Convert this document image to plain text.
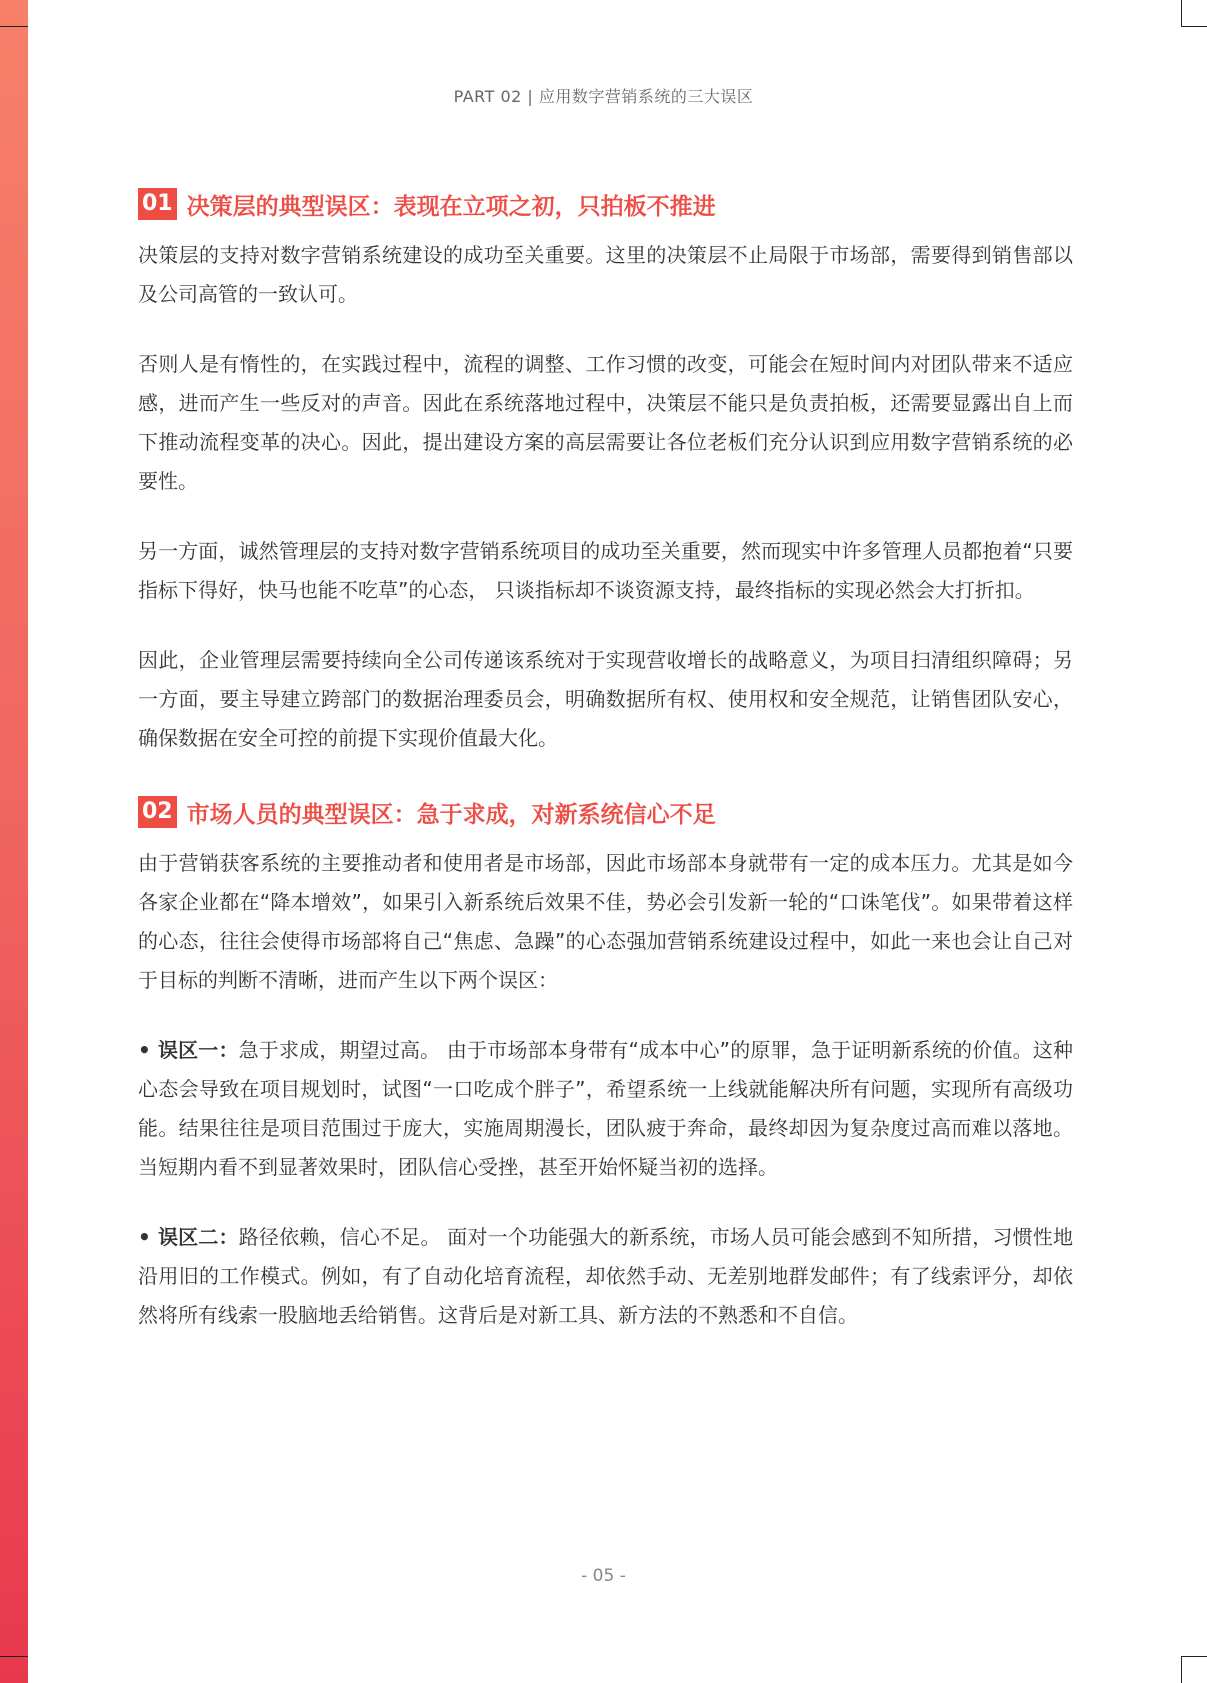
PART 02 | 应用数字营销系统的三大误区
01 决策层的典型误区：表现在立项之初，只拍板不推进

决策层的支持对数字营销系统建设的成功至关重要。这里的决策层不止局限于市场部，需要得到销售部以及公司高管的一致认可。

否则人是有惰性的，在实践过程中，流程的调整、工作习惯的改变，可能会在短时间内对团队带来不适应感，进而产生一些反对的声音。因此在系统落地过程中，决策层不能只是负责拍板，还需要显露出自上而下推动流程变革的决心。因此，提出建设方案的高层需要让各位老板们充分认识到应用数字营销系统的必要性。

另一方面，诚然管理层的支持对数字营销系统项目的成功至关重要，然而现实中许多管理人员都抱着“只要指标下得好，快马也能不吃草”的心态， 只谈指标却不谈资源支持，最终指标的实现必然会大打折扣。

因此，企业管理层需要持续向全公司传递该系统对于实现营收增长的战略意义，为项目扫清组织障碍；另一方面，要主导建立跨部门的数据治理委员会，明确数据所有权、使用权和安全规范，让销售团队安心，确保数据在安全可控的前提下实现价值最大化。

02 市场人员的典型误区：急于求成，对新系统信心不足

由于营销获客系统的主要推动者和使用者是市场部，因此市场部本身就带有一定的成本压力。尤其是如今各家企业都在“降本增效”，如果引入新系统后效果不佳，势必会引发新一轮的“口诛笔伐”。如果带着这样的心态，往往会使得市场部将自己“焦虑、急躁”的心态强加营销系统建设过程中，如此一来也会让自己对于目标的判断不清晰，进而产生以下两个误区：

• 误区一：急于求成，期望过高。 由于市场部本身带有“成本中心”的原罪，急于证明新系统的价值。这种心态会导致在项目规划时，试图“一口吃成个胖子”，希望系统一上线就能解决所有问题，实现所有高级功能。结果往往是项目范围过于庞大，实施周期漫长，团队疲于奔命，最终却因为复杂度过高而难以落地。当短期内看不到显著效果时，团队信心受挫，甚至开始怀疑当初的选择。

• 误区二：路径依赖，信心不足。 面对一个功能强大的新系统，市场人员可能会感到不知所措，习惯性地沿用旧的工作模式。例如，有了自动化培育流程，却依然手动、无差别地群发邮件；有了线索评分，却依然将所有线索一股脑地丢给销售。这背后是对新工具、新方法的不熟悉和不自信。

- 05 -
